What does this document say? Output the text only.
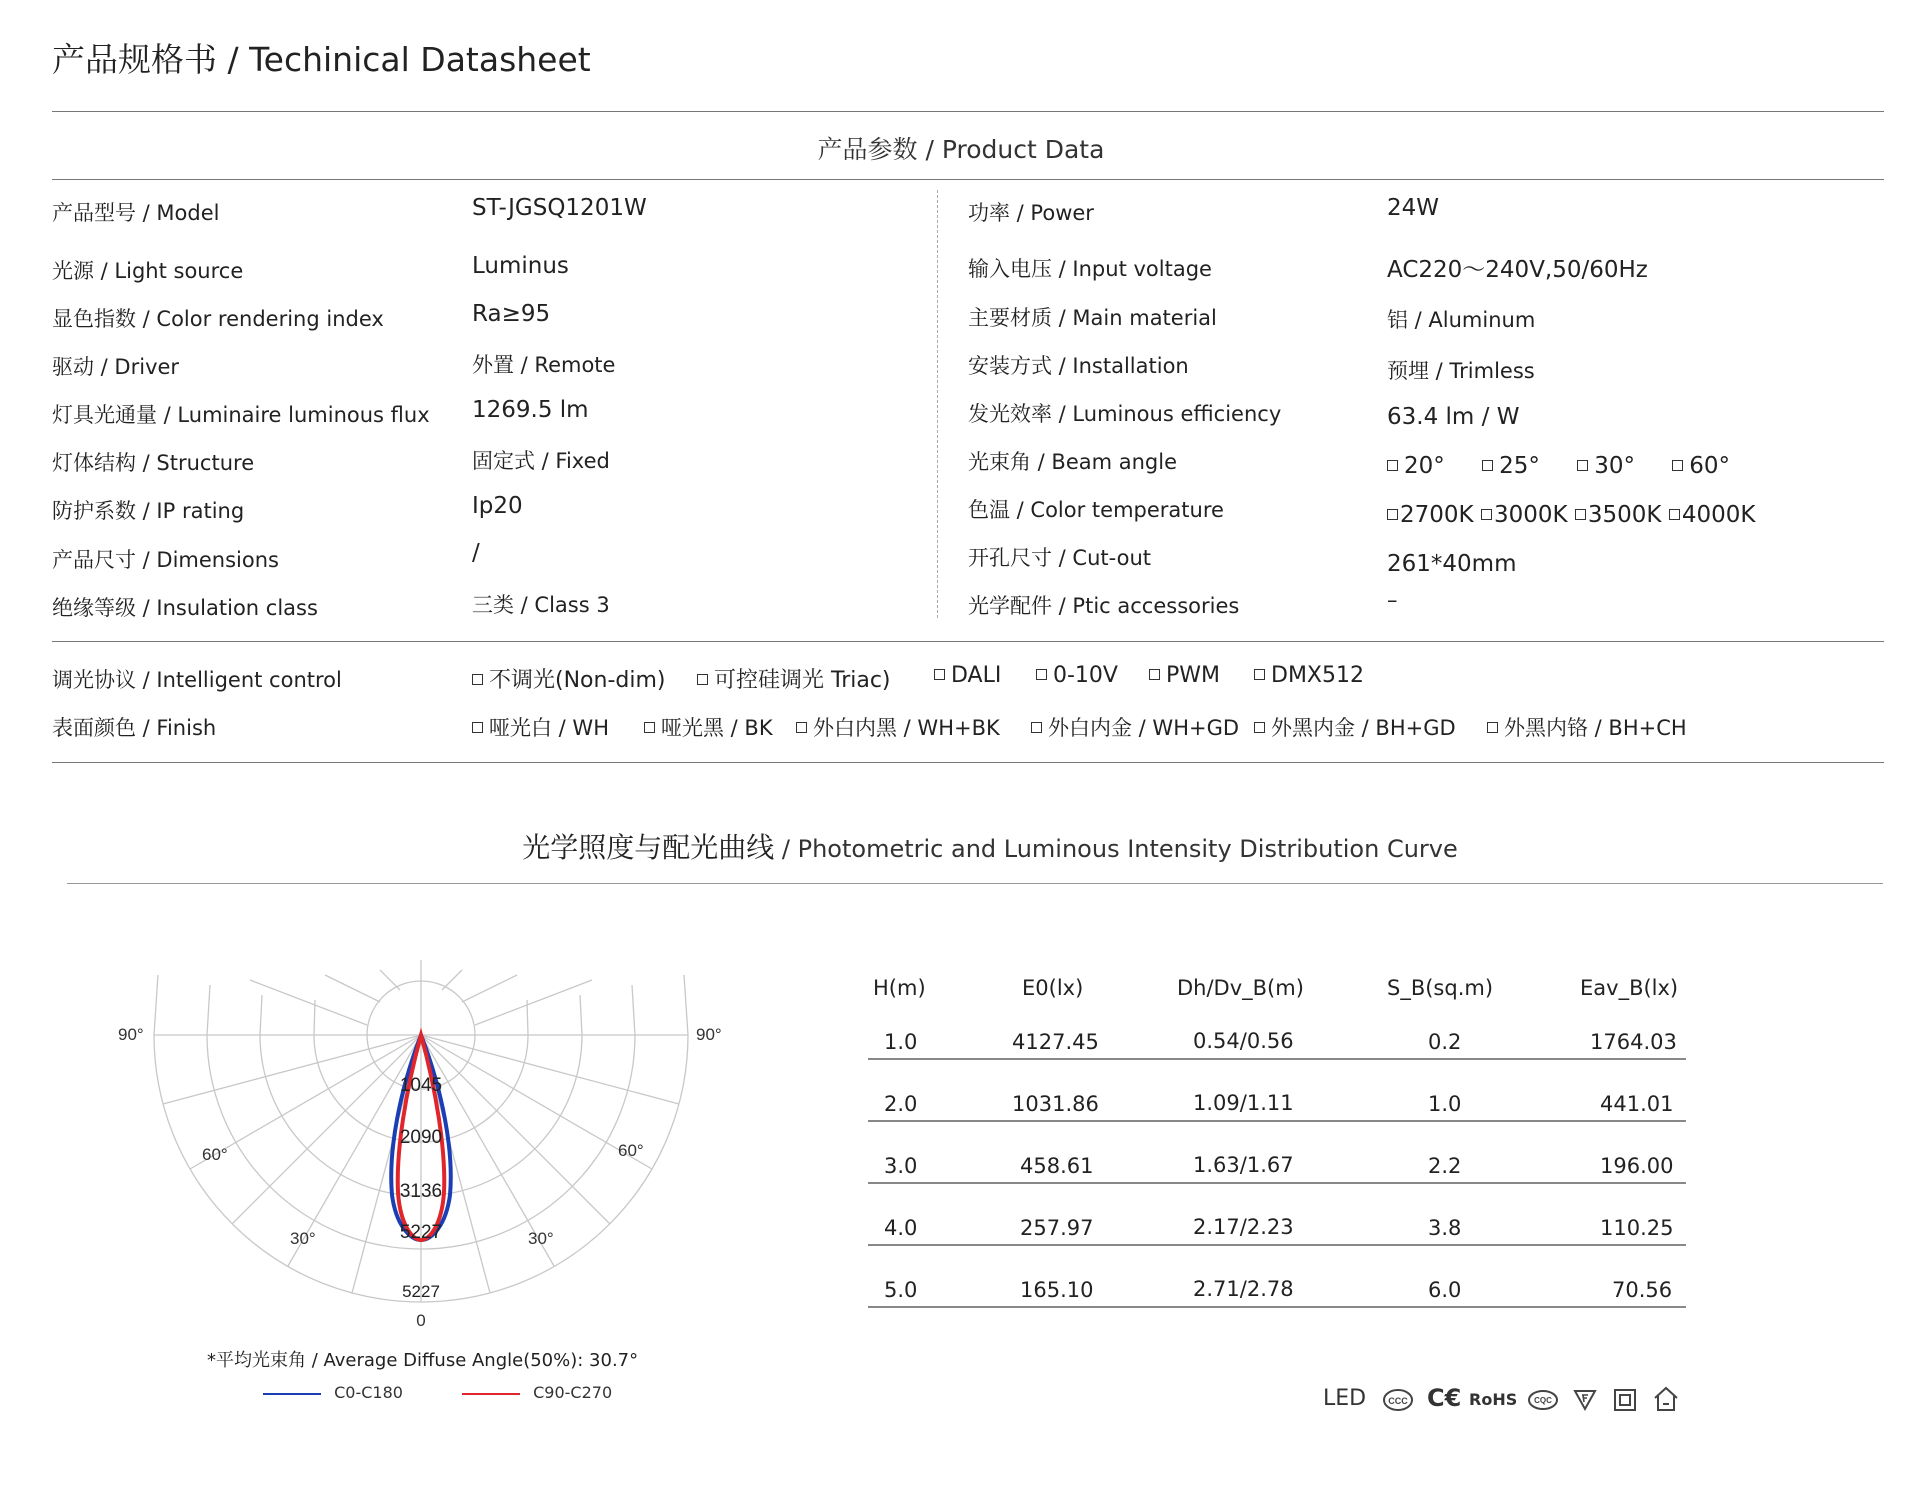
产品规格书 / Techinical Datasheet
产品参数 / Product Data
产品型号 / Model	ST-JGSQ1201W
光源 / Light source	Luminus
显色指数 / Color rendering index	Ra≥95
驱动 / Driver	外置 / Remote
灯具光通量 / Luminaire luminous flux 1269.5 lm
灯体结构 / Structure	固定式 / Fixed
防护系数 / IP rating	Ip20
产品尺寸 / Dimensions	/
绝缘等级 / Insulation class	三类 / Class 3
功率 / Power	24W
输入电压 / Input voltage	AC220～240V,50/60Hz
主要材质 / Main material	铝 / Aluminum
安装方式 / Installation	预埋 / Trimless
发光效率 / Luminous efficiency	63.4 lm / W
光束角 / Beam angle	20° 25° 30° 60°
色温 / Color temperature	2700K 3000K 3500K 4000K
开孔尺寸 / Cut-out	261*40mm
光学配件 / Ptic accessories	–
调光协议 / Intelligent control	不调光(Non-dim)	可控硅调光 Triac)	DALI	0-10V	PWM	DMX512
表面颜色 / Finish	哑光白 / WH	哑光黑 / BK	外白内黑 / WH+BK	外白内金 / WH+GD	外黑内金 / BH+GD	外黑内铬 / BH+CH
光学照度与配光曲线 / Photometric and Luminous Intensity Distribution Curve
1045
2090
3136
5227
5227
90°	90°
60°	60°
30°	30°
0
*平均光束角 / Average Diffuse Angle(50%): 30.7°
C0-C180	C90-C270
H(m)	E0(lx)	Dh/Dv_B(m)	S_B(sq.m)	Eav_B(lx)
1.0	4127.45	0.54/0.56	0.2	1764.03
2.0	1031.86	1.09/1.11	1.0	441.01
3.0	458.61	1.63/1.67	2.2	196.00
4.0	257.97	2.17/2.23	3.8	110.25
5.0	165.10	2.71/2.78	6.0	70.56
LED CCC C€ RoHS CQC
